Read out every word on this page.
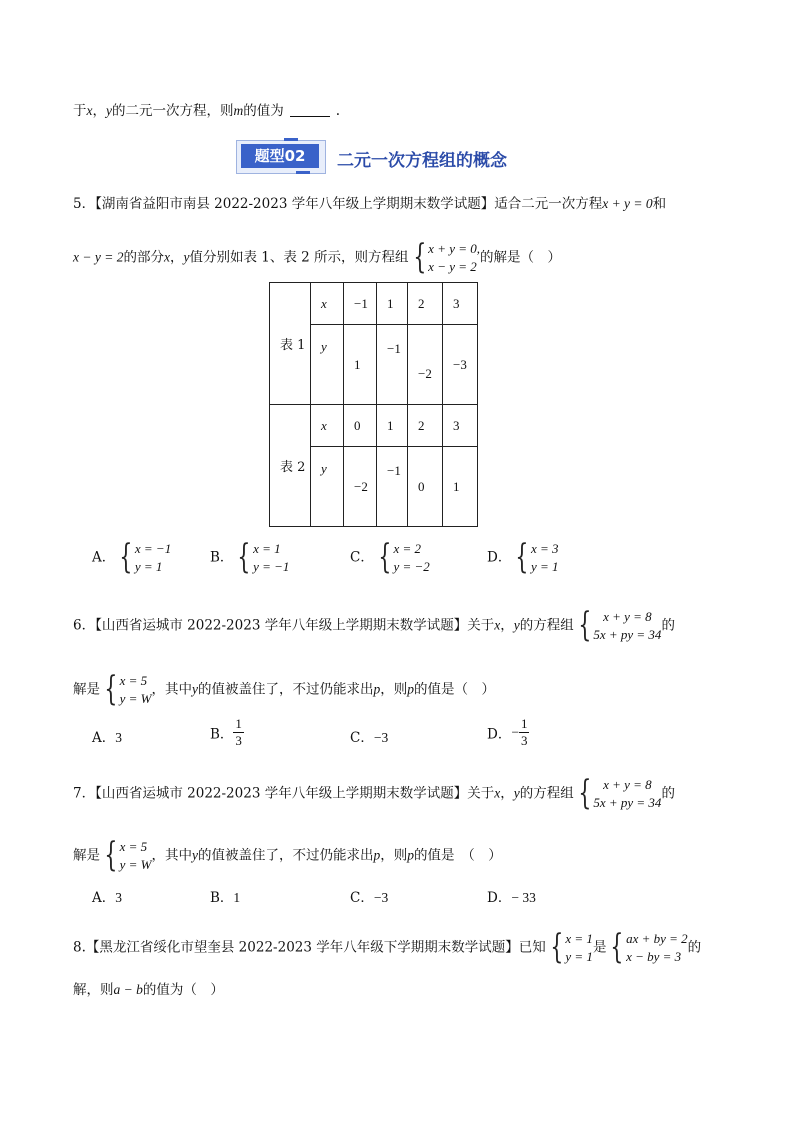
于x，y的二元一次方程，则m的值为	.
题型02	二元一次方程组的概念
5．【湖南省益阳市南县 2022-2023 学年八年级上学期期末数学试题】适合二元一次方程x + y = 0和
x − y = 2的部分x，y值分别如表 1、表 2 所示，则方程组 { x + y = 0,
x − y = 2
的解是（　）
表 1	x	−1	1	2	3
	y	1	−1	−2	−3
表 2	x	0	1	2	3
	y	−2	−1	0	1
A． { x = −1
y = 1
B． { x = 1
y = −1
C． { x = 2
y = −2
D． { x = 3
y = 1
6．【山西省运城市 2022-2023 学年八年级上学期期末数学试题】关于x，y的方程组 { x + y = 8
5x + py = 34
的
解是 { x = 5
y = W
，其中y的值被盖住了，不过仍能求出p，则p的值是（　）
A．3	B． $\frac{1}{3}$	C．−3	D．− $\frac{1}{3}$
7．【山西省运城市 2022-2023 学年八年级上学期期末数学试题】关于x，y的方程组 { x + y = 8
5x + py = 34
的
解是 { x = 5
y = W
，其中y的值被盖住了，不过仍能求出p，则p的值是　（　）
A．3	B．1	C．−3	D．− 33
8.【黑龙江省绥化市望奎县 2022-2023 学年八年级下学期期末数学试题】已知 { x = 1
y = 1
是 { ax + by = 2
x − by = 3
的
解，则a − b的值为（　）
